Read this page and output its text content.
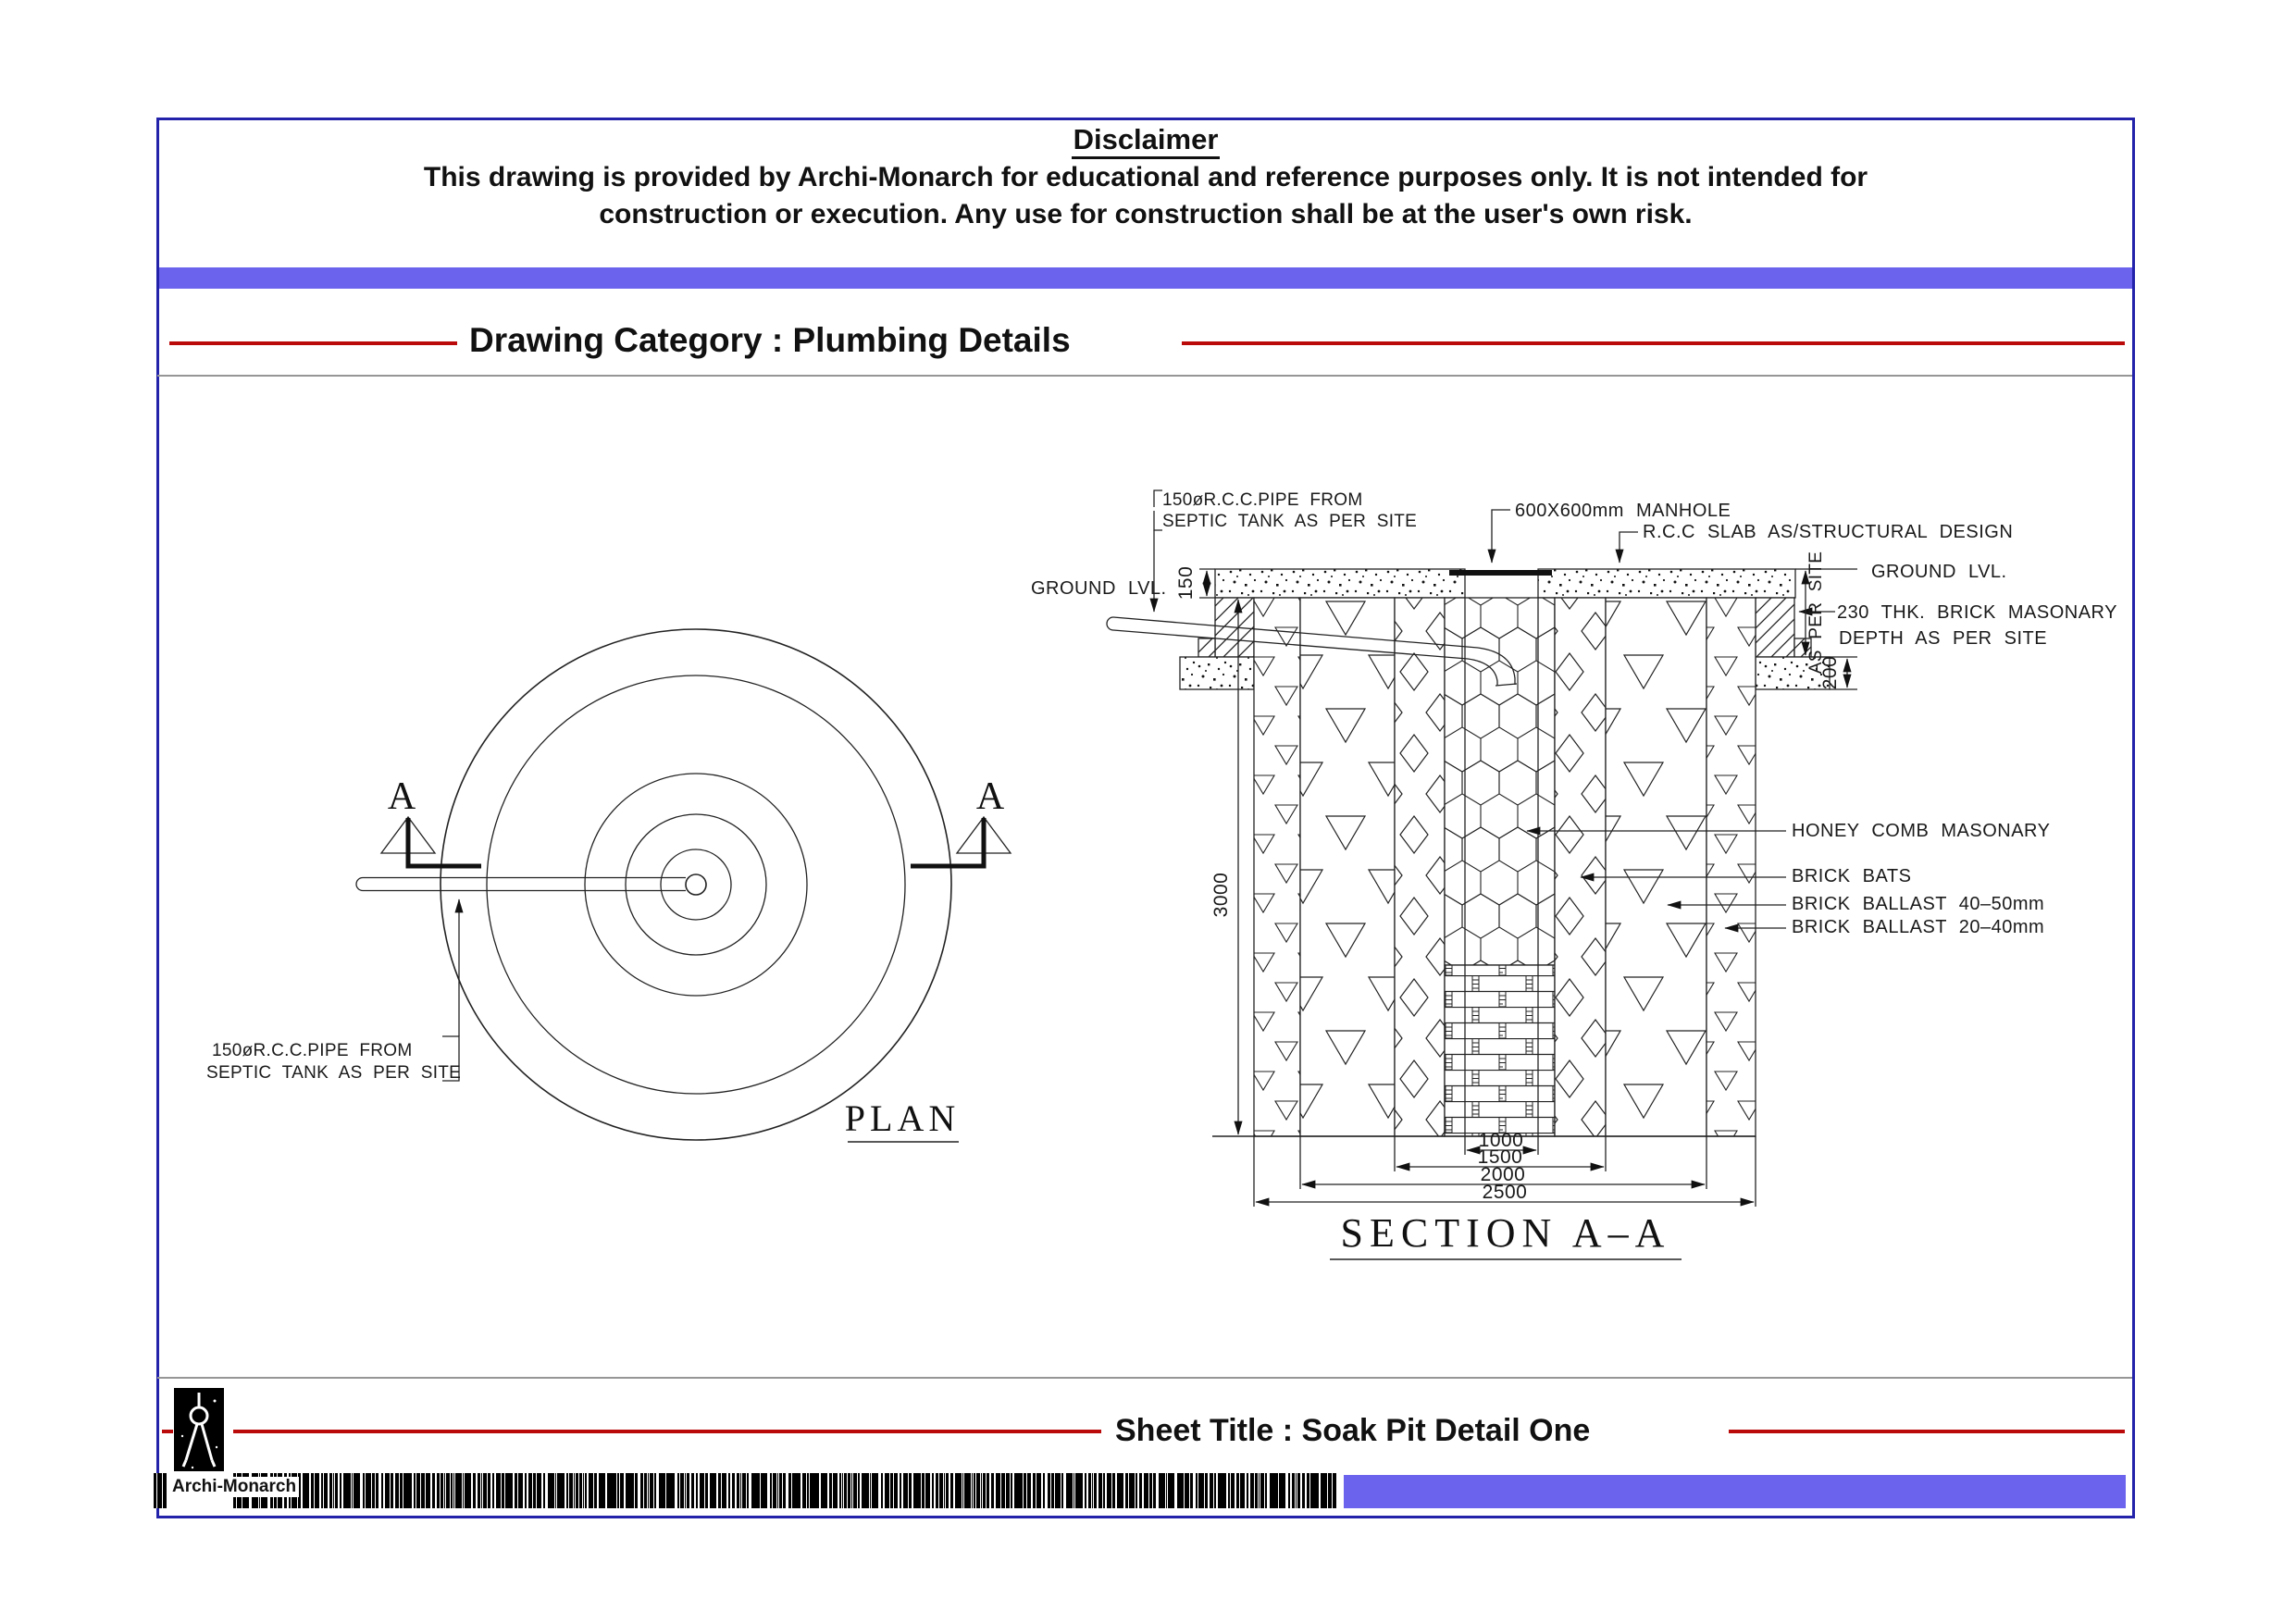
150øR.C.C.PIPE FROM
SEPTIC TANK AS PER SITE
A	A
PLAN
150øR.C.C.PIPE FROM
SEPTIC TANK AS PER SITE
600X600mm MANHOLE
R.C.C SLAB AS/STRUCTURAL DESIGN
GROUND LVL.
GROUND LVL.
230 THK. BRICK MASONARY
DEPTH AS PER SITE
HONEY COMB MASONARY
BRICK BATS
BRICK BALLAST 40–50mm
BRICK BALLAST 20–40mm
150
3000
AS PER SITE
200
1000
1500
2000
2500
SECTION A–A
Disclaimer
This drawing is provided by Archi-Monarch for educational and reference purposes only. It is not intended for
construction or execution. Any use for construction shall be at the user's own risk.
Drawing Category : Plumbing Details
Sheet Title : Soak Pit Detail One
Archi-Monarch
